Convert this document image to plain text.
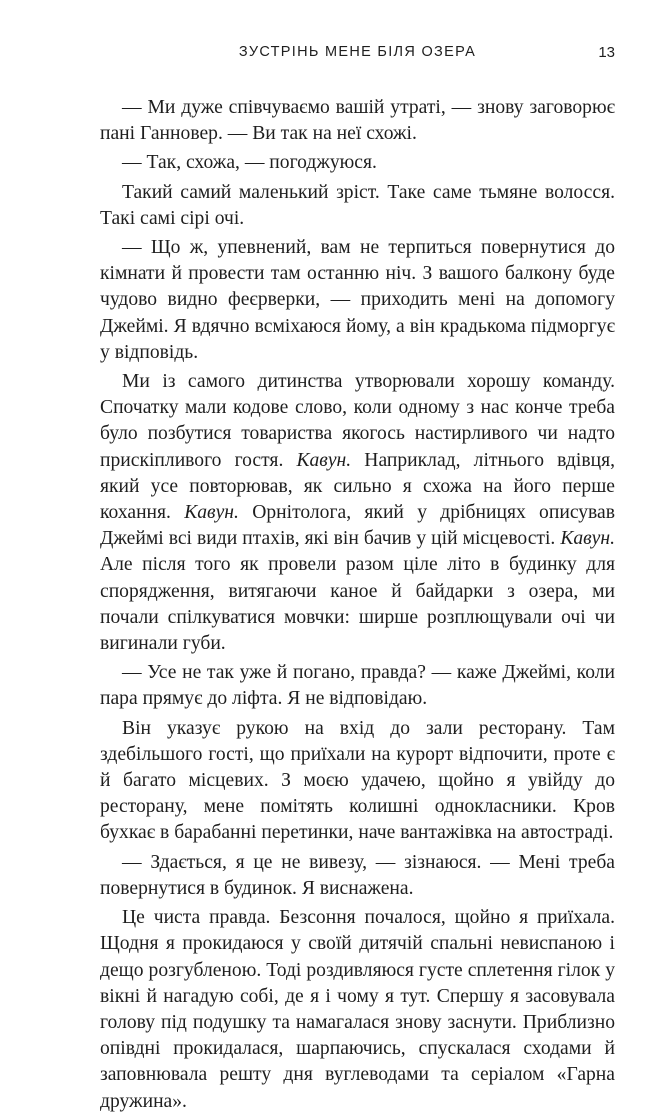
ЗУСТРІНЬ МЕНЕ БІЛЯ ОЗЕРА	13

— Ми дуже співчуваємо вашій утраті, — знову заговорює пані Ганновер. — Ви так на неї схожі.

— Так, схожа, — погоджуюся.

Такий самий маленький зріст. Таке саме тьмяне волосся. Такі самі сірі очі.

— Що ж, упевнений, вам не терпиться повернутися до кімнати й провести там останню ніч. З вашого балкону буде чудово видно феєрверки, — приходить мені на допомогу Джеймі. Я вдячно всміхаюся йому, а він крадькома підморгує у відповідь.

Ми із самого дитинства утворювали хорошу команду. Спочатку мали кодове слово, коли одному з нас конче треба було позбутися товариства якогось настирливого чи надто прискіпливого гостя. Кавун. Наприклад, літнього вдівця, який усе повторював, як сильно я схожа на його перше кохання. Кавун. Орнітолога, який у дрібницях описував Джеймі всі види птахів, які він бачив у цій місцевості. Кавун. Але після того як провели разом ціле літо в будинку для спорядження, витягаючи каное й байдарки з озера, ми почали спілкуватися мовчки: ширше розплющували очі чи вигинали губи.

— Усе не так уже й погано, правда? — каже Джеймі, коли пара прямує до ліфта. Я не відповідаю.

Він указує рукою на вхід до зали ресторану. Там здебільшого гості, що приїхали на курорт відпочити, проте є й багато місцевих. З моєю удачею, щойно я увійду до ресторану, мене помітять колишні однокласники. Кров бухкає в барабанні перетинки, наче вантажівка на автостраді.

— Здається, я це не вивезу, — зізнаюся. — Мені треба повернутися в будинок. Я виснажена.

Це чиста правда. Безсоння почалося, щойно я приїхала. Щодня я прокидаюся у своїй дитячій спальні невиспаною і дещо розгубленою. Тоді роздивляюся густе сплетення гілок у вікні й нагадую собі, де я і чому я тут. Спершу я засовувала голову під подушку та намагалася знову заснути. Приблизно опівдні прокидалася, шарпаючись, спускалася сходами й заповнювала решту дня вуглеводами та серіалом «Гарна дружина».
